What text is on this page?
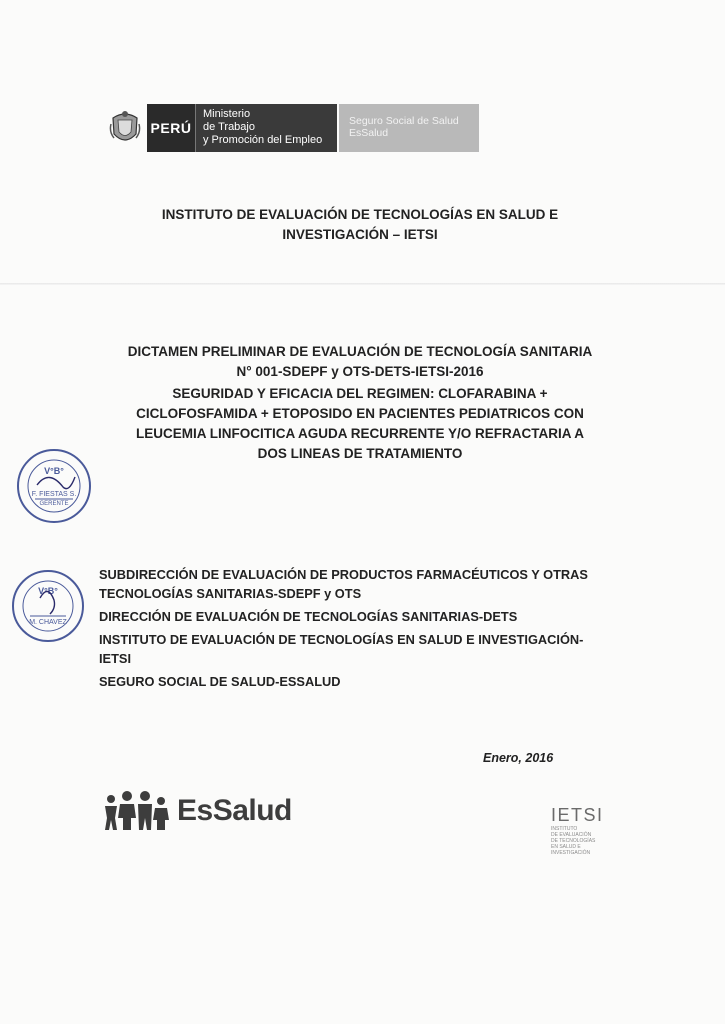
PERÚ
Ministerio
de Trabajo
y Promoción del Empleo
Seguro Social de Salud
EsSalud
INSTITUTO DE EVALUACIÓN DE TECNOLOGÍAS EN SALUD E
INVESTIGACIÓN – IETSI
DICTAMEN PRELIMINAR DE EVALUACIÓN DE TECNOLOGÍA SANITARIA
N° 001-SDEPF y OTS-DETS-IETSI-2016
SEGURIDAD Y EFICACIA DEL REGIMEN: CLOFARABINA +
CICLOFOSFAMIDA + ETOPOSIDO EN PACIENTES PEDIATRICOS CON
LEUCEMIA LINFOCITICA AGUDA RECURRENTE Y/O REFRACTARIA A
DOS LINEAS DE TRATAMIENTO
V°B°
F. FIESTAS S.
GERENTE
V°B°
M. CHAVEZ
SUBDIRECCIÓN DE EVALUACIÓN DE PRODUCTOS FARMACÉUTICOS Y OTRAS
TECNOLOGÍAS SANITARIAS-SDEPF y OTS
DIRECCIÓN DE EVALUACIÓN DE TECNOLOGÍAS SANITARIAS-DETS
INSTITUTO DE EVALUACIÓN DE TECNOLOGÍAS EN SALUD E INVESTIGACIÓN-
IETSI
SEGURO SOCIAL DE SALUD-ESSALUD
Enero, 2016
EsSalud	IETSI
INSTITUTO
DE EVALUACIÓN
DE TECNOLOGÍAS
EN SALUD E
INVESTIGACIÓN
